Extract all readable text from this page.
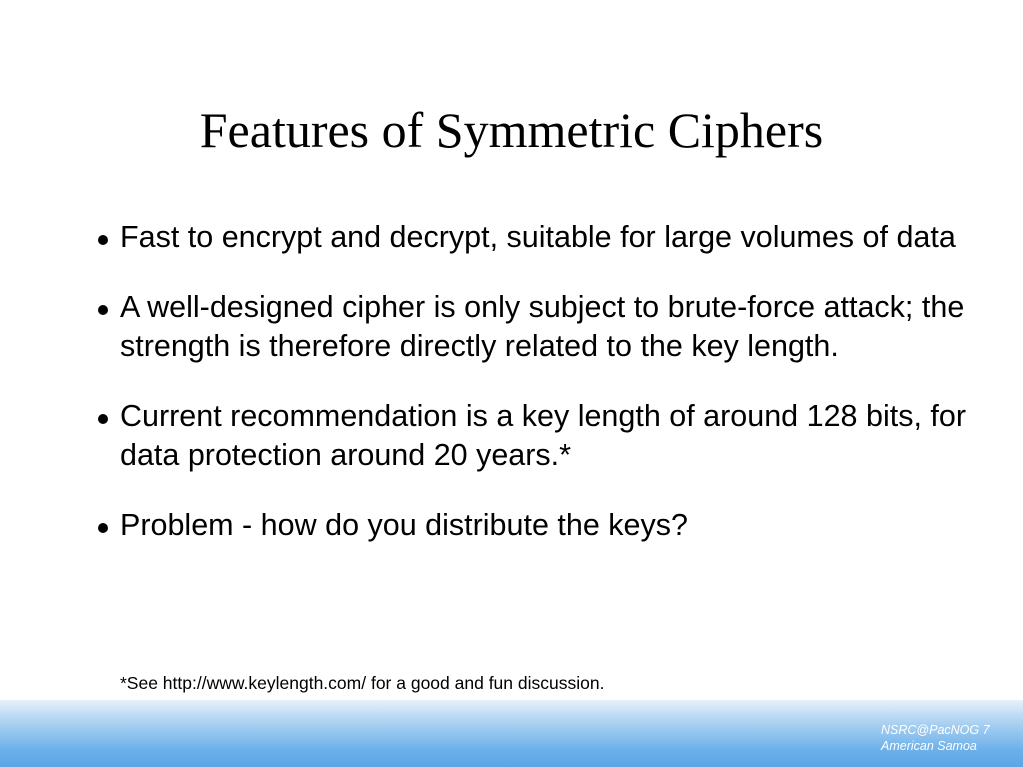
Features of Symmetric Ciphers
Fast to encrypt and decrypt, suitable for large volumes of data
A well-designed cipher is only subject to brute-force attack; the strength is therefore directly related to the key length.
Current recommendation is a key length of around 128 bits, for data protection around 20 years.*
Problem - how do you distribute the keys?
*See http://www.keylength.com/ for a good and fun discussion.
NSRC@PacNOG 7
American Samoa
